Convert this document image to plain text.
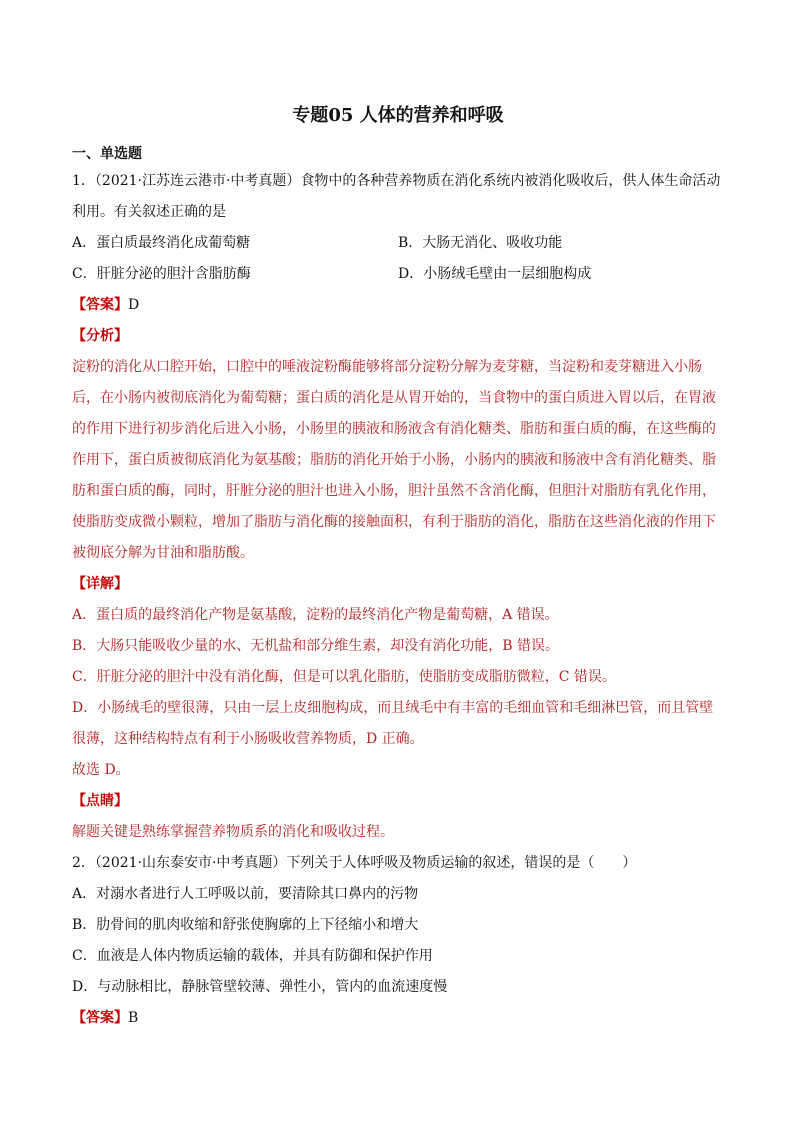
专题05 人体的营养和呼吸
一、单选题
1．（2021·江苏连云港市·中考真题）食物中的各种营养物质在消化系统内被消化吸收后，供人体生命活动利用。有关叙述正确的是
A．蛋白质最终消化成葡萄糖	B．大肠无消化、吸收功能
C．肝脏分泌的胆汁含脂肪酶	D．小肠绒毛壁由一层细胞构成
【答案】D
【分析】
淀粉的消化从口腔开始，口腔中的唾液淀粉酶能够将部分淀粉分解为麦芽糖，当淀粉和麦芽糖进入小肠后，在小肠内被彻底消化为葡萄糖；蛋白质的消化是从胃开始的，当食物中的蛋白质进入胃以后，在胃液的作用下进行初步消化后进入小肠，小肠里的胰液和肠液含有消化糖类、脂肪和蛋白质的酶，在这些酶的作用下，蛋白质被彻底消化为氨基酸；脂肪的消化开始于小肠，小肠内的胰液和肠液中含有消化糖类、脂肪和蛋白质的酶，同时，肝脏分泌的胆汁也进入小肠，胆汁虽然不含消化酶，但胆汁对脂肪有乳化作用，使脂肪变成微小颗粒，增加了脂肪与消化酶的接触面积，有利于脂肪的消化，脂肪在这些消化液的作用下被彻底分解为甘油和脂肪酸。
【详解】
A．蛋白质的最终消化产物是氨基酸，淀粉的最终消化产物是葡萄糖，A 错误。
B．大肠只能吸收少量的水、无机盐和部分维生素，却没有消化功能，B 错误。
C．肝脏分泌的胆汁中没有消化酶，但是可以乳化脂肪，使脂肪变成脂肪微粒，C 错误。
D．小肠绒毛的壁很薄，只由一层上皮细胞构成，而且绒毛中有丰富的毛细血管和毛细淋巴管，而且管壁很薄，这种结构特点有利于小肠吸收营养物质，D 正确。
故选 D。
【点睛】
解题关键是熟练掌握营养物质系的消化和吸收过程。
2．（2021·山东泰安市·中考真题）下列关于人体呼吸及物质运输的叙述，错误的是（　　）
A．对溺水者进行人工呼吸以前，要清除其口鼻内的污物
B．肋骨间的肌肉收缩和舒张使胸廓的上下径缩小和增大
C．血液是人体内物质运输的载体，并具有防御和保护作用
D．与动脉相比，静脉管壁较薄、弹性小，管内的血流速度慢
【答案】B
